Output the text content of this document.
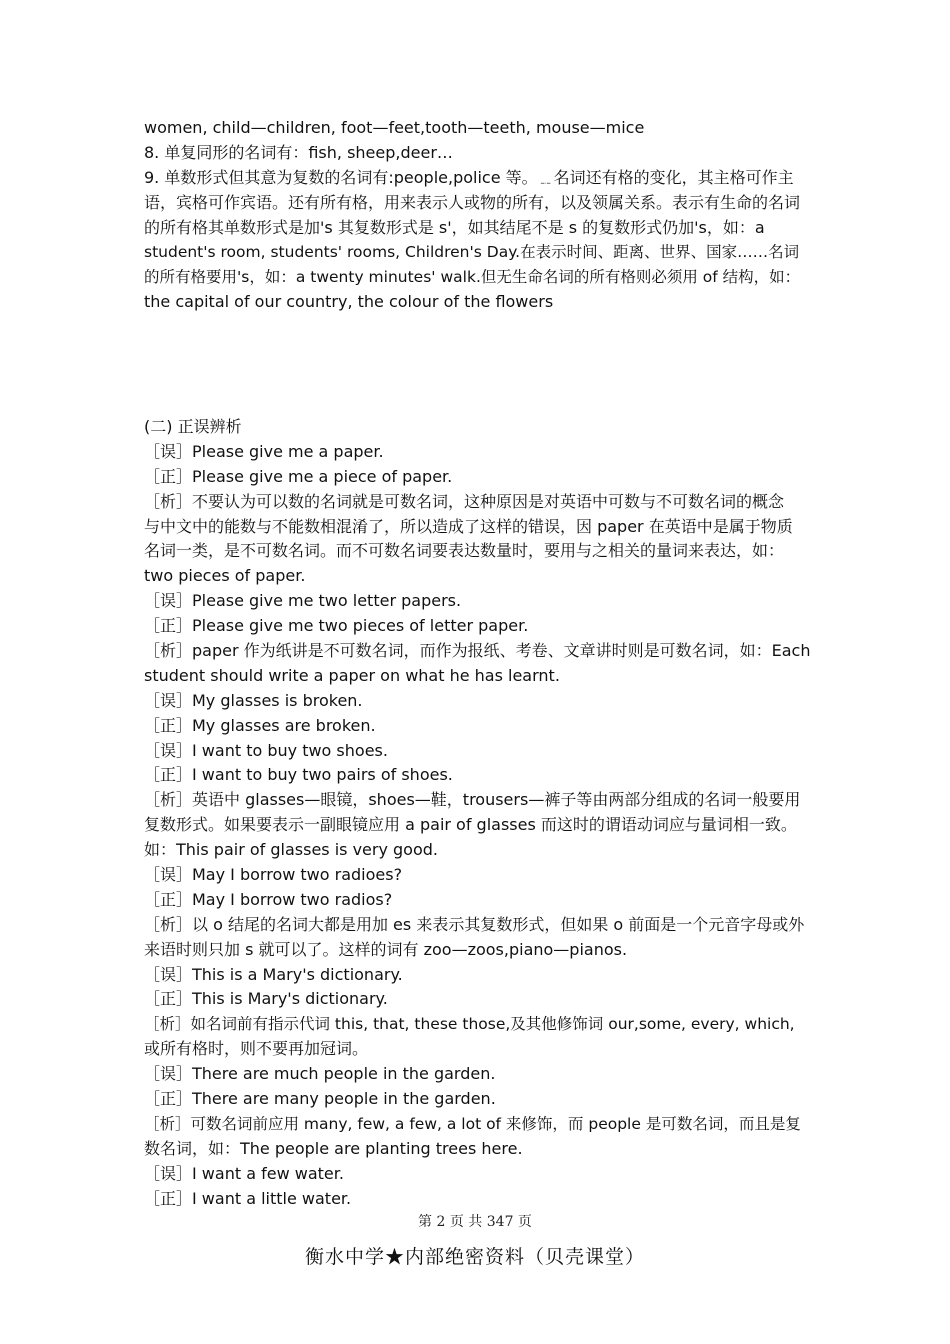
women, child—children, foot—feet,tooth—teeth, mouse—mice
8. 单复同形的名词有：fish, sheep,deer…
9. 单数形式但其意为复数的名词有:people,police 等。﹎名词还有格的变化，其主格可作主
语，宾格可作宾语。还有所有格，用来表示人或物的所有，以及领属关系。表示有生命的名词
的所有格其单数形式是加's 其复数形式是 s'，如其结尾不是 s 的复数形式仍加's，如：a
student's room, students' rooms, Children's Day.在表示时间、距离、世界、国家……名词
的所有格要用's，如：a twenty minutes' walk.但无生命名词的所有格则必须用 of 结构，如：
the capital of our country, the colour of the flowers
(二) 正误辨析
［误］Please give me a paper.
［正］Please give me a piece of paper.
［析］不要认为可以数的名词就是可数名词，这种原因是对英语中可数与不可数名词的概念
与中文中的能数与不能数相混淆了，所以造成了这样的错误，因 paper 在英语中是属于物质
名词一类，是不可数名词。而不可数名词要表达数量时，要用与之相关的量词来表达，如：
two pieces of paper.
［误］Please give me two letter papers.
［正］Please give me two pieces of letter paper.
［析］paper 作为纸讲是不可数名词，而作为报纸、考卷、文章讲时则是可数名词，如：Each
student should write a paper on what he has learnt.
［误］My glasses is broken.
［正］My glasses are broken.
［误］I want to buy two shoes.
［正］I want to buy two pairs of shoes.
［析］英语中 glasses—眼镜，shoes—鞋，trousers—裤子等由两部分组成的名词一般要用
复数形式。如果要表示一副眼镜应用 a pair of glasses 而这时的谓语动词应与量词相一致。
如：This pair of glasses is very good.
［误］May I borrow two radioes?
［正］May I borrow two radios?
［析］以 o 结尾的名词大都是用加 es 来表示其复数形式，但如果 o 前面是一个元音字母或外
来语时则只加 s 就可以了。这样的词有 zoo—zoos,piano—pianos.
［误］This is a Mary's dictionary.
［正］This is Mary's dictionary.
［析］如名词前有指示代词 this, that, these those,及其他修饰词 our,some, every, which,
或所有格时，则不要再加冠词。
［误］There are much people in the garden.
［正］There are many people in the garden.
［析］可数名词前应用 many, few, a few, a lot of 来修饰，而 people 是可数名词，而且是复
数名词，如：The people are planting trees here.
［误］I want a few water.
［正］I want a little water.
第 2 页 共 347 页
衡水中学★内部绝密资料（贝壳课堂）
